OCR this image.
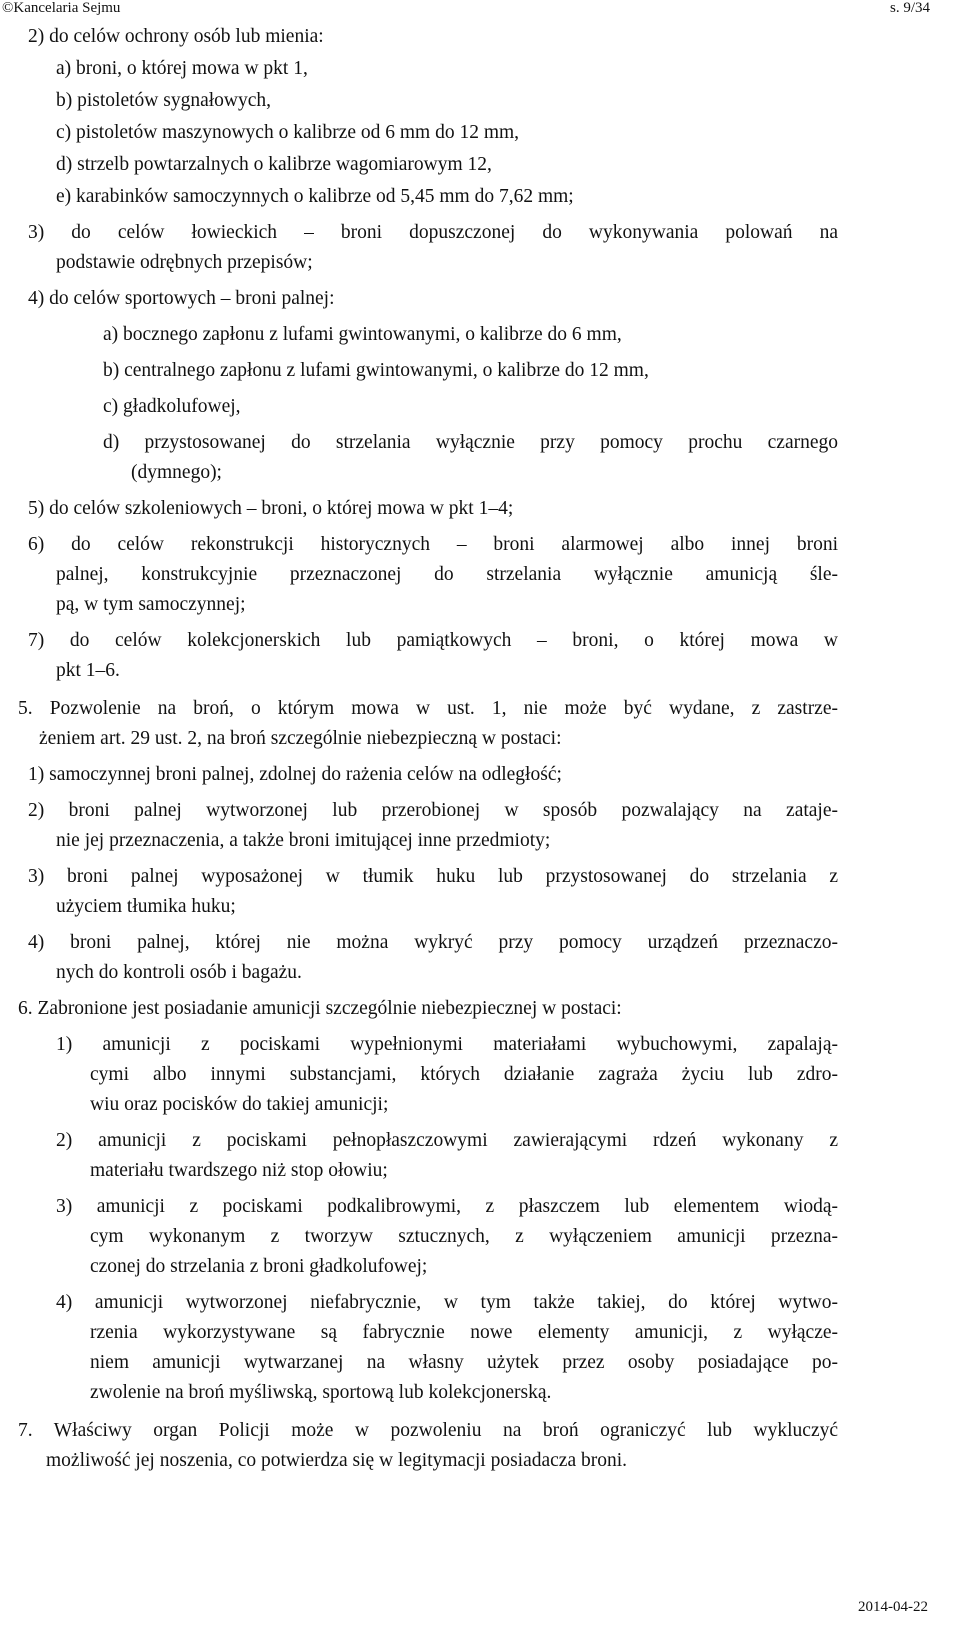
©Kancelaria Sejmu	s. 9/34
2) do celów ochrony osób lub mienia:
a) broni, o której mowa w pkt 1,
b) pistoletów sygnałowych,
c) pistoletów maszynowych o kalibrze od 6 mm do 12 mm,
d) strzelb powtarzalnych o kalibrze wagomiarowym 12,
e) karabinków samoczynnych o kalibrze od 5,45 mm do 7,62 mm;
3) do celów łowieckich – broni dopuszczonej do wykonywania polowań na
podstawie odrębnych przepisów;
4) do celów sportowych – broni palnej:
a) bocznego zapłonu z lufami gwintowanymi, o kalibrze do 6 mm,
b) centralnego zapłonu z lufami gwintowanymi, o kalibrze do 12 mm,
c) gładkolufowej,
d) przystosowanej do strzelania wyłącznie przy pomocy prochu czarnego
(dymnego);
5) do celów szkoleniowych – broni, o której mowa w pkt 1–4;
6) do celów rekonstrukcji historycznych – broni alarmowej albo innej broni
palnej, konstrukcyjnie przeznaczonej do strzelania wyłącznie amunicją śle-
pą, w tym samoczynnej;
7) do celów kolekcjonerskich lub pamiątkowych – broni, o której mowa w
pkt 1–6.
5. Pozwolenie na broń, o którym mowa w ust. 1, nie może być wydane, z zastrze-
żeniem art. 29 ust. 2, na broń szczególnie niebezpieczną w postaci:
1) samoczynnej broni palnej, zdolnej do rażenia celów na odległość;
2) broni palnej wytworzonej lub przerobionej w sposób pozwalający na zataje-
nie jej przeznaczenia, a także broni imitującej inne przedmioty;
3) broni palnej wyposażonej w tłumik huku lub przystosowanej do strzelania z
użyciem tłumika huku;
4) broni palnej, której nie można wykryć przy pomocy urządzeń przeznaczo-
nych do kontroli osób i bagażu.
6. Zabronione jest posiadanie amunicji szczególnie niebezpiecznej w postaci:
1) amunicji z pociskami wypełnionymi materiałami wybuchowymi, zapalają-
cymi albo innymi substancjami, których działanie zagraża życiu lub zdro-
wiu oraz pocisków do takiej amunicji;
2) amunicji z pociskami pełnopłaszczowymi zawierającymi rdzeń wykonany z
materiału twardszego niż stop ołowiu;
3) amunicji z pociskami podkalibrowymi, z płaszczem lub elementem wiodą-
cym wykonanym z tworzyw sztucznych, z wyłączeniem amunicji przezna-
czonej do strzelania z broni gładkolufowej;
4) amunicji wytworzonej niefabrycznie, w tym także takiej, do której wytwo-
rzenia wykorzystywane są fabrycznie nowe elementy amunicji, z wyłącze-
niem amunicji wytwarzanej na własny użytek przez osoby posiadające po-
zwolenie na broń myśliwską, sportową lub kolekcjonerską.
7. Właściwy organ Policji może w pozwoleniu na broń ograniczyć lub wykluczyć
możliwość jej noszenia, co potwierdza się w legitymacji posiadacza broni.
2014-04-22
